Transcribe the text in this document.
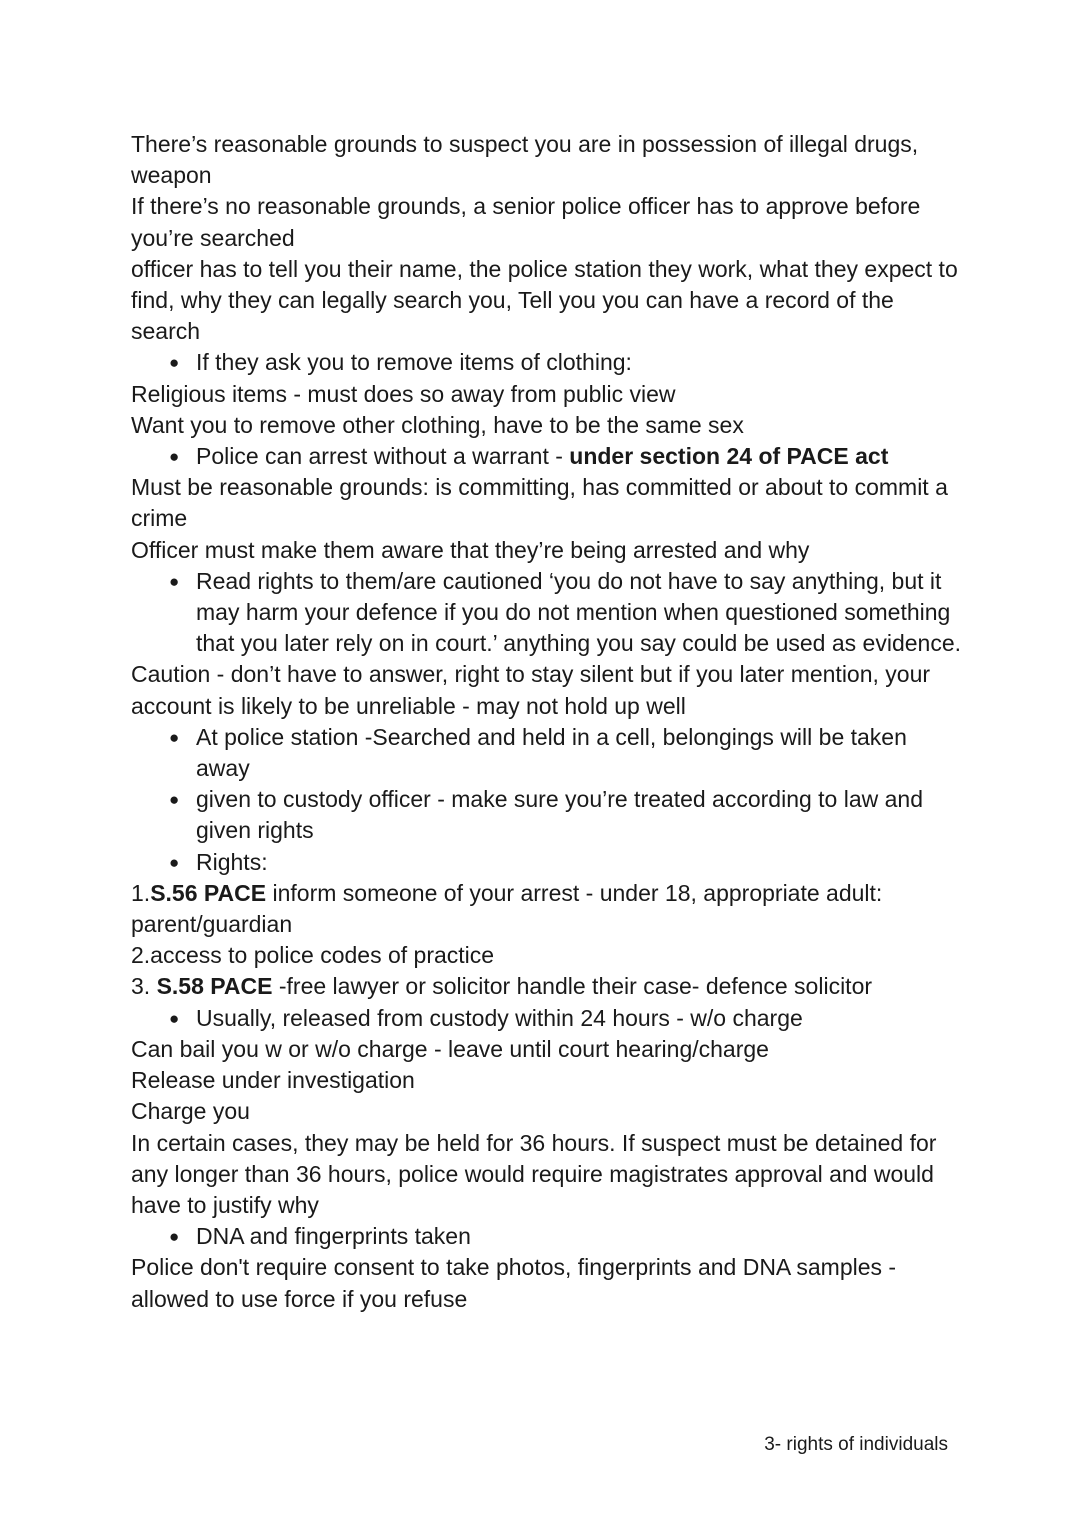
There’s reasonable grounds to suspect you are in possession of illegal drugs, weapon

If there’s no reasonable grounds, a senior police officer has to approve before you’re searched

officer has to tell you their name, the police station they work, what they expect to find, why they can legally search you, Tell you you can have a record of the search

● If they ask you to remove items of clothing:

Religious items - must does so away from public view

Want you to remove other clothing, have to be the same sex

● Police can arrest without a warrant - under section 24 of PACE act

Must be reasonable grounds: is committing, has committed or about to commit a crime

Officer must make them aware that they’re being arrested and why

● Read rights to them/are cautioned ‘you do not have to say anything, but it may harm your defence if you do not mention when questioned something that you later rely on in court.’ anything you say could be used as evidence.

Caution - don’t have to answer, right to stay silent but if you later mention, your account is likely to be unreliable - may not hold up well

● At police station -Searched and held in a cell, belongings will be taken away

● given to custody officer - make sure you’re treated according to law and given rights

● Rights:

1.S.56 PACE inform someone of your arrest - under 18, appropriate adult: parent/guardian

2.access to police codes of practice

3. S.58 PACE -free lawyer or solicitor handle their case- defence solicitor

● Usually, released from custody within 24 hours - w/o charge

Can bail you w or w/o charge - leave until court hearing/charge

Release under investigation

Charge you

In certain cases, they may be held for 36 hours. If suspect must be detained for any longer than 36 hours, police would require magistrates approval and would have to justify why

● DNA and fingerprints taken

Police don't require consent to take photos, fingerprints and DNA samples - allowed to use force if you refuse

3- rights of individuals
